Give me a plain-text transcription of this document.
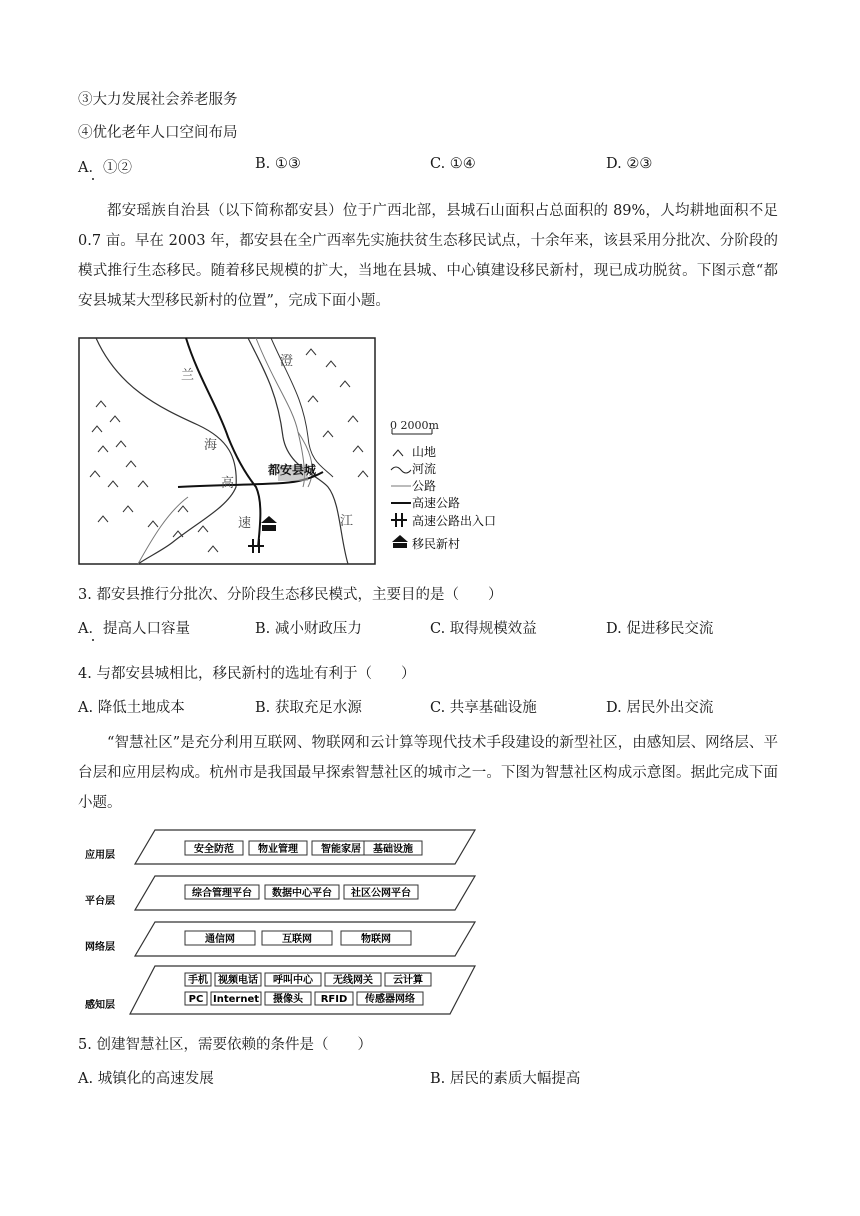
③大力发展社会养老服务
④优化老年人口空间布局
A．①②	B. ①③	C. ①④	D. ②③
都安瑶族自治县（以下简称都安县）位于广西北部，县城石山面积占总面积的 89%，人均耕地面积不足 0.7 亩。早在 2003 年，都安县在全广西率先实施扶贫生态移民试点，十余年来，该县采用分批次、分阶段的模式推行生态移民。随着移民规模的扩大，当地在县城、中心镇建设移民新村，现已成功脱贫。下图示意“都安县城某大型移民新村的位置”，完成下面小题。
兰
海
高
速
澄
江
都安县城
0 2000m
山地
河流
公路
高速公路
高速公路出入口
移民新村
3. 都安县推行分批次、分阶段生态移民模式，主要目的是（　　）
A．提高人口容量	B. 减小财政压力	C. 取得规模效益	D. 促进移民交流
4. 与都安县城相比，移民新村的选址有利于（　　）
A. 降低土地成本	B. 获取充足水源	C. 共享基础设施	D. 居民外出交流
“智慧社区”是充分利用互联网、物联网和云计算等现代技术手段建设的新型社区，由感知层、网络层、平台层和应用层构成。杭州市是我国最早探索智慧社区的城市之一。下图为智慧社区构成示意图。据此完成下面小题。
应用层
安全防范 物业管理 智能家居 基础设施
平台层
综合管理平台 数据中心平台 社区公网平台
网络层
通信网	互联网	物联网
感知层
手机 视频电话 呼叫中心 无线网关 云计算
PC Internet 摄像头 RFID 传感器网络
5. 创建智慧社区，需要依赖的条件是（　　）
A. 城镇化的高速发展	B. 居民的素质大幅提高
